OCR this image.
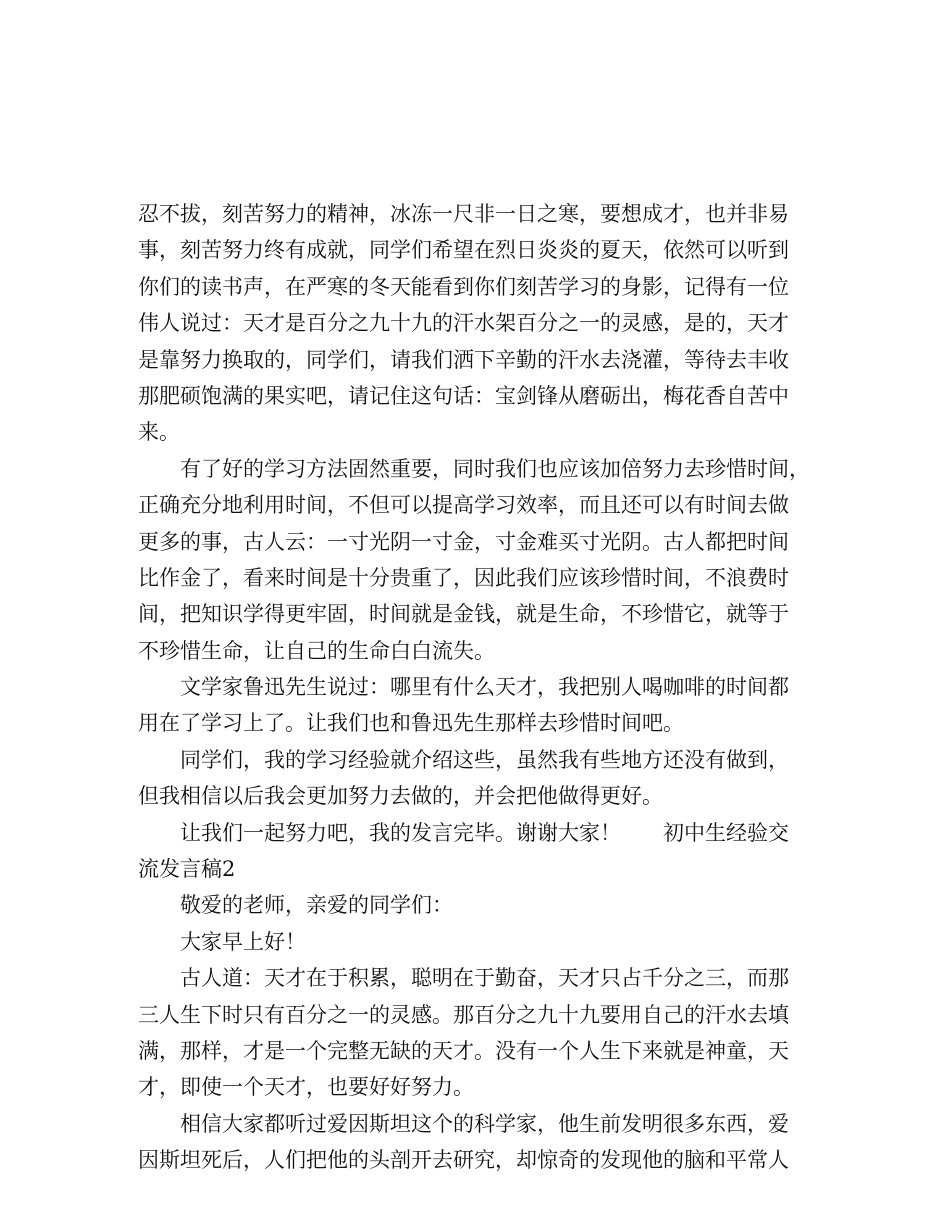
忍不拔，刻苦努力的精神，冰冻一尺非一日之寒，要想成才，也并非易
事，刻苦努力终有成就，同学们希望在烈日炎炎的夏天，依然可以听到
你们的读书声，在严寒的冬天能看到你们刻苦学习的身影，记得有一位
伟人说过：天才是百分之九十九的汗水架百分之一的灵感，是的，天才
是靠努力换取的，同学们，请我们洒下辛勤的汗水去浇灌，等待去丰收
那肥硕饱满的果实吧，请记住这句话：宝剑锋从磨砺出，梅花香自苦中
来。
有了好的学习方法固然重要，同时我们也应该加倍努力去珍惜时间，
正确充分地利用时间，不但可以提高学习效率，而且还可以有时间去做
更多的事，古人云：一寸光阴一寸金，寸金难买寸光阴。古人都把时间
比作金了，看来时间是十分贵重了，因此我们应该珍惜时间，不浪费时
间，把知识学得更牢固，时间就是金钱，就是生命，不珍惜它，就等于
不珍惜生命，让自己的生命白白流失。
文学家鲁迅先生说过：哪里有什么天才，我把别人喝咖啡的时间都
用在了学习上了。让我们也和鲁迅先生那样去珍惜时间吧。
同学们，我的学习经验就介绍这些，虽然我有些地方还没有做到，
但我相信以后我会更加努力去做的，并会把他做得更好。
让我们一起努力吧，我的发言完毕。谢谢大家！　　初中生经验交
流发言稿2
敬爱的老师，亲爱的同学们：
大家早上好！
古人道：天才在于积累，聪明在于勤奋，天才只占千分之三，而那
三人生下时只有百分之一的灵感。那百分之九十九要用自己的汗水去填
满，那样，才是一个完整无缺的天才。没有一个人生下来就是神童，天
才，即使一个天才，也要好好努力。
相信大家都听过爱因斯坦这个的科学家，他生前发明很多东西，爱
因斯坦死后，人们把他的头剖开去研究，却惊奇的发现他的脑和平常人
